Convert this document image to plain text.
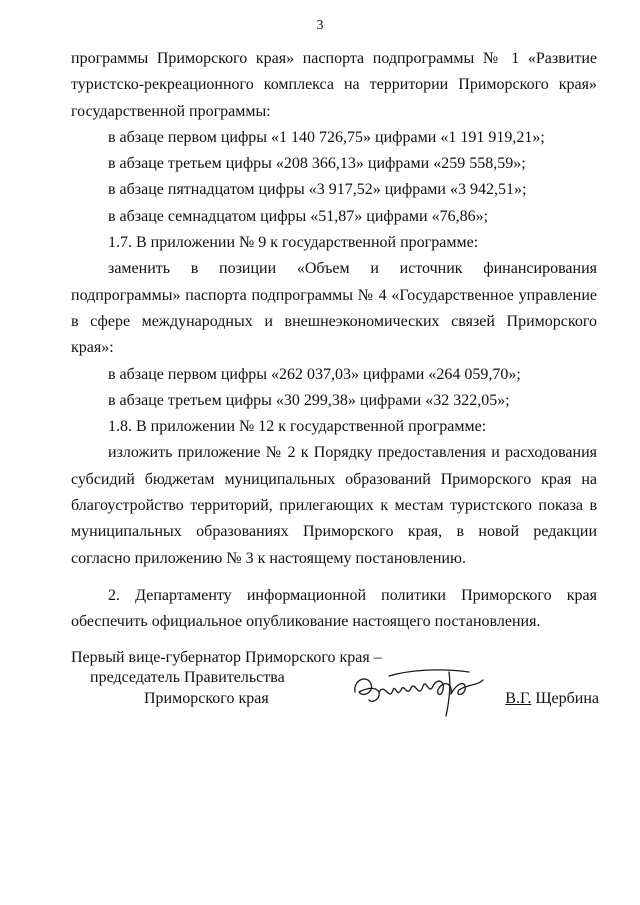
3

программы Приморского края» паспорта подпрограммы № 1 «Развитие туристско-рекреационного комплекса на территории Приморского края» государственной программы:

в абзаце первом цифры «1 140 726,75» цифрами «1 191 919,21»;

в абзаце третьем цифры «208 366,13» цифрами «259 558,59»;

в абзаце пятнадцатом цифры «3 917,52» цифрами «3 942,51»;

в абзаце семнадцатом цифры «51,87» цифрами «76,86»;

1.7. В приложении № 9 к государственной программе:

заменить в позиции «Объем и источник финансирования подпрограммы» паспорта подпрограммы № 4 «Государственное управление в сфере международных и внешнеэкономических связей Приморского края»:

в абзаце первом цифры «262 037,03» цифрами «264 059,70»;

в абзаце третьем цифры «30 299,38» цифрами «32 322,05»;

1.8. В приложении № 12 к государственной программе:

изложить приложение № 2 к Порядку предоставления и расходования субсидий бюджетам муниципальных образований Приморского края на благоустройство территорий, прилегающих к местам туристского показа в муниципальных образованиях Приморского края, в новой редакции согласно приложению № 3 к настоящему постановлению.

2. Департаменту информационной политики Приморского края обеспечить официальное опубликование настоящего постановления.

Первый вице-губернатор Приморского края –
председатель Правительства
Приморского края	В.Г. Щербина
